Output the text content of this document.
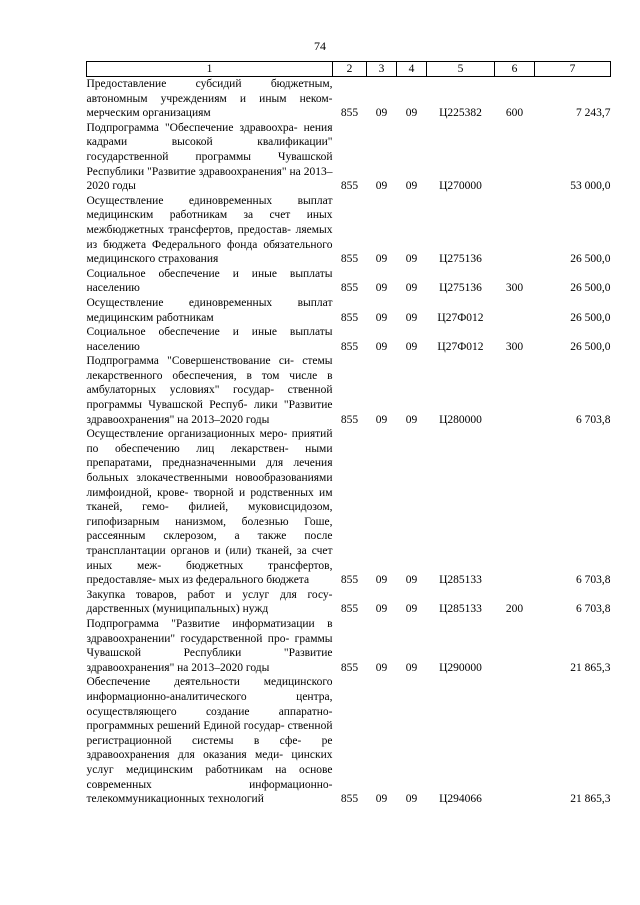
74
1	2	3	4	5	6	7
Предоставление субсидий бюджетным, автономным учреждениям и иным неком- мерческим организациям	855	09	09	Ц225382	600	7 243,7
Подпрограмма "Обеспечение здравоохра- нения кадрами высокой квалификации" государственной программы Чувашской Республики "Развитие здравоохранения" на 2013–2020 годы	855	09	09	Ц270000		53 000,0
Осуществление единовременных выплат медицинским работникам за счет иных межбюджетных трансфертов, предостав- ляемых из бюджета Федерального фонда обязательного медицинского страхования	855	09	09	Ц275136		26 500,0
Социальное обеспечение и иные выплаты населению	855	09	09	Ц275136	300	26 500,0
Осуществление единовременных выплат медицинским работникам	855	09	09	Ц27Ф012		26 500,0
Социальное обеспечение и иные выплаты населению	855	09	09	Ц27Ф012	300	26 500,0
Подпрограмма "Совершенствование си- стемы лекарственного обеспечения, в том числе в амбулаторных условиях" государ- ственной программы Чувашской Респуб- лики "Развитие здравоохранения" на 2013–2020 годы	855	09	09	Ц280000		6 703,8
Осуществление организационных меро- приятий по обеспечению лиц лекарствен- ными препаратами, предназначенными для лечения больных злокачественными новообразованиями лимфоидной, крове- творной и родственных им тканей, гемо- филией, муковисцидозом, гипофизарным нанизмом, болезнью Гоше, рассеянным склерозом, а также после трансплантации органов и (или) тканей, за счет иных меж- бюджетных трансфертов, предоставляе- мых из федерального бюджета	855	09	09	Ц285133		6 703,8
Закупка товаров, работ и услуг для госу- дарственных (муниципальных) нужд	855	09	09	Ц285133	200	6 703,8
Подпрограмма "Развитие информатизации в здравоохранении" государственной про- граммы Чувашской Республики "Развитие здравоохранения" на 2013–2020 годы	855	09	09	Ц290000		21 865,3
Обеспечение деятельности медицинского информационно-аналитического центра, осуществляющего создание аппаратно- программных решений Единой государ- ственной регистрационной системы в сфе- ре здравоохранения для оказания меди- цинских услуг медицинским работникам на основе современных информационно- телекоммуникационных технологий	855	09	09	Ц294066		21 865,3
